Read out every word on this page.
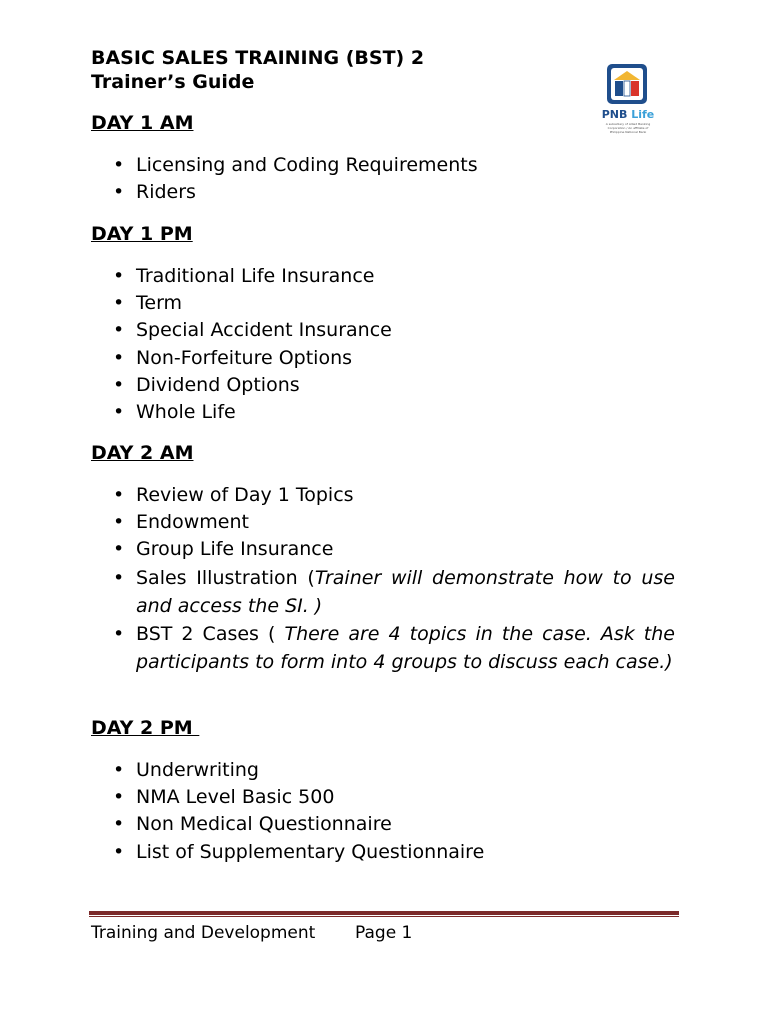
BASIC SALES TRAINING (BST) 2
Trainer’s Guide
PNB Life
A subsidiary of Allied Banking Corporation / An affiliate of Philippine National Bank
DAY 1 AM
• Licensing and Coding Requirements
• Riders
DAY 1 PM
• Traditional Life Insurance
• Term
• Special Accident Insurance
• Non-Forfeiture Options
• Dividend Options
• Whole Life
DAY 2 AM
• Review of Day 1 Topics
• Endowment
• Group Life Insurance
• Sales Illustration (Trainer will demonstrate how to use and access the SI. )
• BST 2 Cases ( There are 4 topics in the case. Ask the participants to form into 4 groups to discuss each case.)
DAY 2 PM
• Underwriting
• NMA Level Basic 500
• Non Medical Questionnaire
• List of Supplementary Questionnaire

Training and Development Page 1
